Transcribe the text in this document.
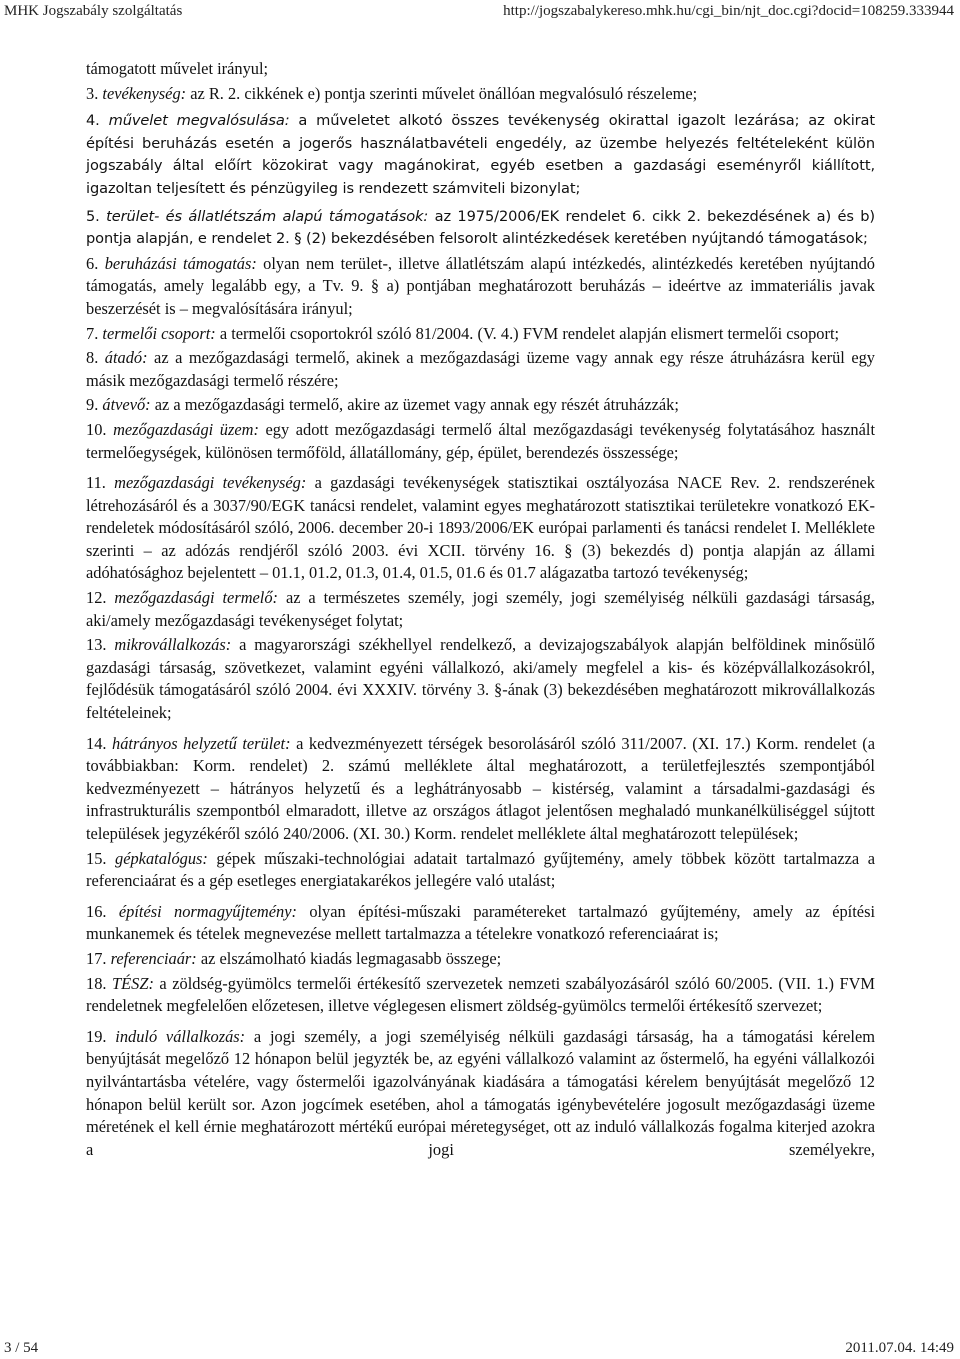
MHK Jogszabály szolgáltatás	http://jogszabalykereso.mhk.hu/cgi_bin/njt_doc.cgi?docid=108259.333944

támogatott művelet irányul;

3. tevékenység: az R. 2. cikkének e) pontja szerinti művelet önállóan megvalósuló részeleme;

4. művelet megvalósulása: a műveletet alkotó összes tevékenység okirattal igazolt lezárása; az okirat építési beruházás esetén a jogerős használatbavételi engedély, az üzembe helyezés feltételeként külön jogszabály által előírt közokirat vagy magánokirat, egyéb esetben a gazdasági eseményről kiállított, igazoltan teljesített és pénzügyileg is rendezett számviteli bizonylat;

5. terület- és állatlétszám alapú támogatások: az 1975/2006/EK rendelet 6. cikk 2. bekezdésének a) és b) pontja alapján, e rendelet 2. § (2) bekezdésében felsorolt alintézkedések keretében nyújtandó támogatások;

6. beruházási támogatás: olyan nem terület-, illetve állatlétszám alapú intézkedés, alintézkedés keretében nyújtandó támogatás, amely legalább egy, a Tv. 9. § a) pontjában meghatározott beruházás – ideértve az immateriális javak beszerzését is – megvalósítására irányul;

7. termelői csoport: a termelői csoportokról szóló 81/2004. (V. 4.) FVM rendelet alapján elismert termelői csoport;

8. átadó: az a mezőgazdasági termelő, akinek a mezőgazdasági üzeme vagy annak egy része átruházásra kerül egy másik mezőgazdasági termelő részére;

9. átvevő: az a mezőgazdasági termelő, akire az üzemet vagy annak egy részét átruházzák;

10. mezőgazdasági üzem: egy adott mezőgazdasági termelő által mezőgazdasági tevékenység folytatásához használt termelőegységek, különösen termőföld, állatállomány, gép, épület, berendezés összessége;

11. mezőgazdasági tevékenység: a gazdasági tevékenységek statisztikai osztályozása NACE Rev. 2. rendszerének létrehozásáról és a 3037/90/EGK tanácsi rendelet, valamint egyes meghatározott statisztikai területekre vonatkozó EK-rendeletek módosításáról szóló, 2006. december 20-i 1893/2006/EK európai parlamenti és tanácsi rendelet I. Melléklete szerinti – az adózás rendjéről szóló 2003. évi XCII. törvény 16. § (3) bekezdés d) pontja alapján az állami adóhatósághoz bejelentett – 01.1, 01.2, 01.3, 01.4, 01.5, 01.6 és 01.7 alágazatba tartozó tevékenység;

12. mezőgazdasági termelő: az a természetes személy, jogi személy, jogi személyiség nélküli gazdasági társaság, aki/amely mezőgazdasági tevékenységet folytat;

13. mikrovállalkozás: a magyarországi székhellyel rendelkező, a devizajogszabályok alapján belföldinek minősülő gazdasági társaság, szövetkezet, valamint egyéni vállalkozó, aki/amely megfelel a kis- és középvállalkozásokról, fejlődésük támogatásáról szóló 2004. évi XXXIV. törvény 3. §-ának (3) bekezdésében meghatározott mikrovállalkozás feltételeinek;

14. hátrányos helyzetű terület: a kedvezményezett térségek besorolásáról szóló 311/2007. (XI. 17.) Korm. rendelet (a továbbiakban: Korm. rendelet) 2. számú melléklete által meghatározott, a területfejlesztés szempontjából kedvezményezett – hátrányos helyzetű és a leghátrányosabb – kistérség, valamint a társadalmi-gazdasági és infrastrukturális szempontból elmaradott, illetve az országos átlagot jelentősen meghaladó munkanélküliséggel sújtott települések jegyzékéről szóló 240/2006. (XI. 30.) Korm. rendelet melléklete által meghatározott települések;

15. gépkatalógus: gépek műszaki-technológiai adatait tartalmazó gyűjtemény, amely többek között tartalmazza a referenciaárat és a gép esetleges energiatakarékos jellegére való utalást;

16. építési normagyűjtemény: olyan építési-műszaki paramétereket tartalmazó gyűjtemény, amely az építési munkanemek és tételek megnevezése mellett tartalmazza a tételekre vonatkozó referenciaárat is;

17. referenciaár: az elszámolható kiadás legmagasabb összege;

18. TÉSZ: a zöldség-gyümölcs termelői értékesítő szervezetek nemzeti szabályozásáról szóló 60/2005. (VII. 1.) FVM rendeletnek megfelelően előzetesen, illetve véglegesen elismert zöldség-gyümölcs termelői értékesítő szervezet;

19. induló vállalkozás: a jogi személy, a jogi személyiség nélküli gazdasági társaság, ha a támogatási kérelem benyújtását megelőző 12 hónapon belül jegyzték be, az egyéni vállalkozó valamint az őstermelő, ha egyéni vállalkozói nyilvántartásba vételére, vagy őstermelői igazolványának kiadására a támogatási kérelem benyújtását megelőző 12 hónapon belül került sor. Azon jogcímek esetében, ahol a támogatás igénybevételére jogosult mezőgazdasági üzeme méretének el kell érnie meghatározott mértékű európai méretegységet, ott az induló vállalkozás fogalma kiterjed azokra a jogi személyekre,

3 / 54	2011.07.04. 14:49
